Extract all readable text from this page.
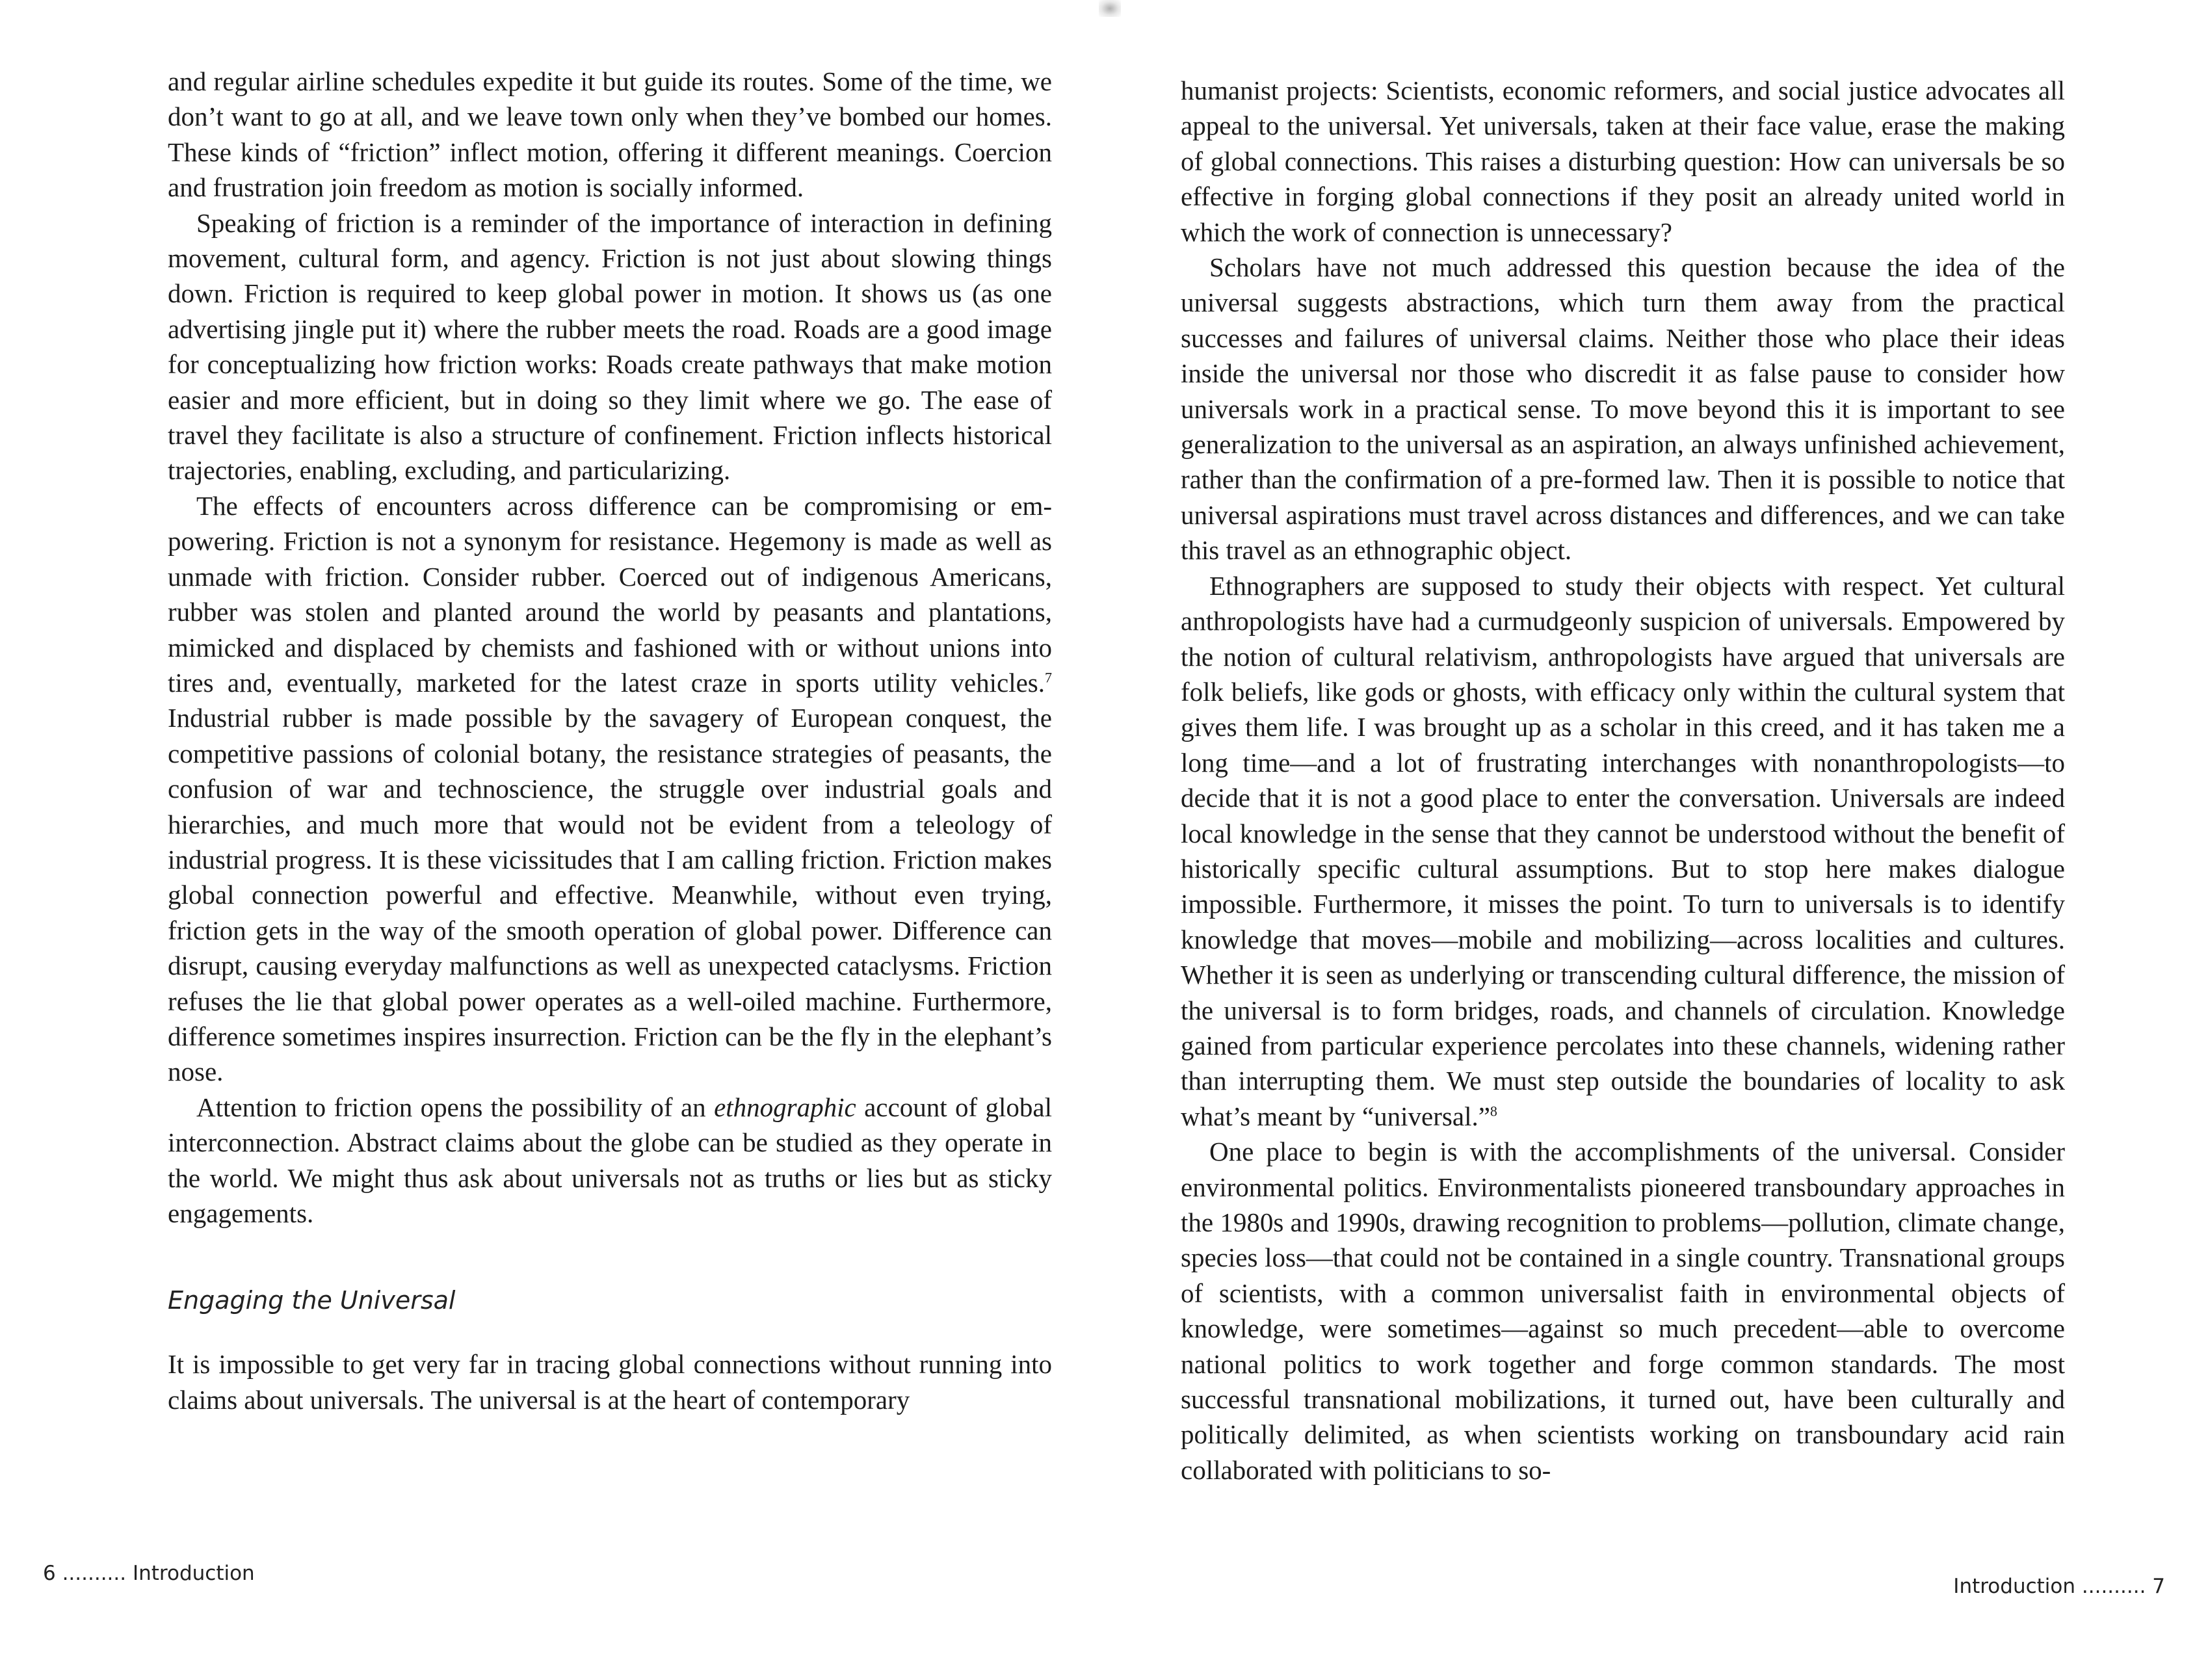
and regular airline schedules expedite it but guide its routes. Some of the time, we don’t want to go at all, and we leave town only when they’ve bombed our homes. These kinds of “friction” inflect motion, offering it different meanings. Coercion and frustration join freedom as motion is socially informed.

Speaking of friction is a reminder of the importance of interaction in defining movement, cultural form, and agency. Friction is not just about slowing things down. Friction is required to keep global power in motion. It shows us (as one advertising jingle put it) where the rubber meets the road. Roads are a good image for conceptualizing how friction works: Roads create pathways that make motion easier and more efficient, but in doing so they limit where we go. The ease of travel they facilitate is also a structure of confinement. Friction inflects historical trajectories, enabling, excluding, and particularizing.

The effects of encounters across difference can be compromising or empowering. Friction is not a synonym for resistance. Hegemony is made as well as unmade with friction. Consider rubber. Coerced out of indigenous Americans, rubber was stolen and planted around the world by peasants and plantations, mimicked and displaced by chemists and fashioned with or without unions into tires and, eventually, marketed for the latest craze in sports utility vehicles.$^7$ Industrial rubber is made possible by the savagery of European conquest, the competitive passions of colonial botany, the resistance strategies of peasants, the confusion of war and technoscience, the struggle over industrial goals and hierarchies, and much more that would not be evident from a teleology of industrial progress. It is these vicissitudes that I am calling friction. Friction makes global connection powerful and effective. Meanwhile, without even trying, friction gets in the way of the smooth operation of global power. Difference can disrupt, causing everyday malfunctions as well as unexpected cataclysms. Friction refuses the lie that global power operates as a well-oiled machine. Furthermore, difference sometimes inspires insurrection. Friction can be the fly in the elephant’s nose.

Attention to friction opens the possibility of an ethnographic account of global interconnection. Abstract claims about the globe can be studied as they operate in the world. We might thus ask about universals not as truths or lies but as sticky engagements.

Engaging the Universal

It is impossible to get very far in tracing global connections without running into claims about universals. The universal is at the heart of contemporary

6 .......... Introduction

humanist projects: Scientists, economic reformers, and social justice advocates all appeal to the universal. Yet universals, taken at their face value, erase the making of global connections. This raises a disturbing question: How can universals be so effective in forging global connections if they posit an already united world in which the work of connection is unnecessary?

Scholars have not much addressed this question because the idea of the universal suggests abstractions, which turn them away from the practical successes and failures of universal claims. Neither those who place their ideas inside the universal nor those who discredit it as false pause to consider how universals work in a practical sense. To move beyond this it is important to see generalization to the universal as an aspiration, an always unfinished achievement, rather than the confirmation of a pre-formed law. Then it is possible to notice that universal aspirations must travel across distances and differences, and we can take this travel as an ethnographic object.

Ethnographers are supposed to study their objects with respect. Yet cultural anthropologists have had a curmudgeonly suspicion of universals. Empowered by the notion of cultural relativism, anthropologists have argued that universals are folk beliefs, like gods or ghosts, with efficacy only within the cultural system that gives them life. I was brought up as a scholar in this creed, and it has taken me a long time—and a lot of frustrating interchanges with nonanthropologists—to decide that it is not a good place to enter the conversation. Universals are indeed local knowledge in the sense that they cannot be understood without the benefit of historically specific cultural assumptions. But to stop here makes dialogue impossible. Furthermore, it misses the point. To turn to universals is to identify knowledge that moves—mobile and mobilizing—across localities and cultures. Whether it is seen as underlying or transcending cultural difference, the mission of the universal is to form bridges, roads, and channels of circulation. Knowledge gained from particular experience percolates into these channels, widening rather than interrupting them. We must step outside the boundaries of locality to ask what’s meant by “universal.”$^8$

One place to begin is with the accomplishments of the universal. Consider environmental politics. Environmentalists pioneered transboundary approaches in the 1980s and 1990s, drawing recognition to problems—pollution, climate change, species loss—that could not be contained in a single country. Transnational groups of scientists, with a common universalist faith in environmental objects of knowledge, were sometimes—against so much precedent—able to overcome national politics to work together and forge common standards. The most successful transnational mobilizations, it turned out, have been culturally and politically delimited, as when scientists working on transboundary acid rain collaborated with politicians to so-

Introduction .......... 7
